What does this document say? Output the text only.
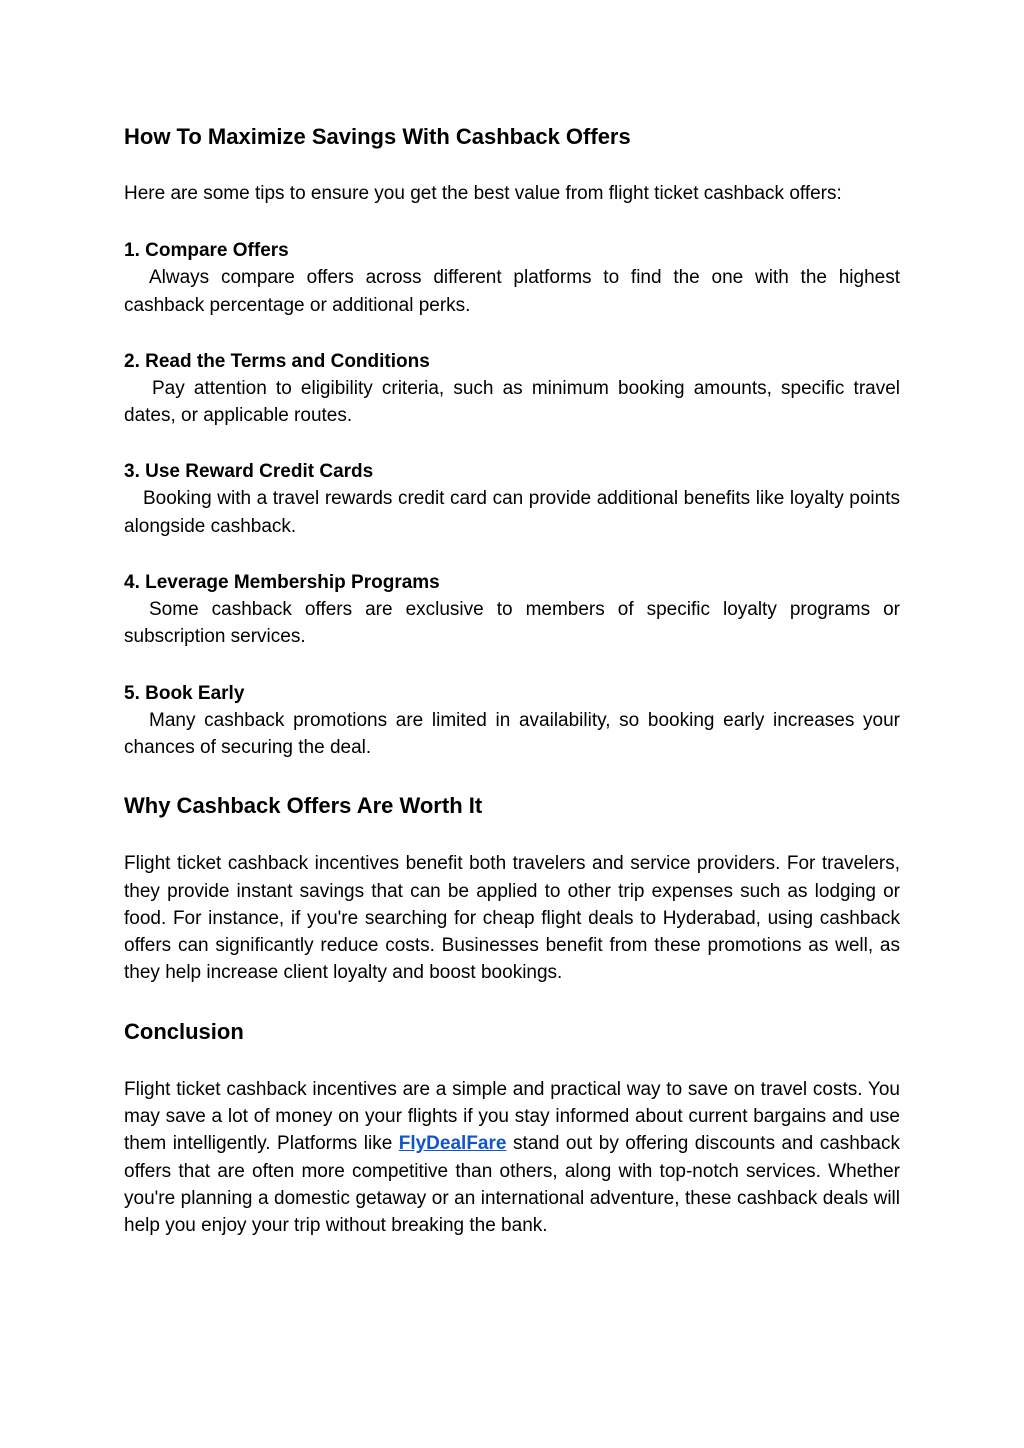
How To Maximize Savings With Cashback Offers

Here are some tips to ensure you get the best value from flight ticket cashback offers:

1. Compare Offers
Always compare offers across different platforms to find the one with the highest cashback percentage or additional perks.
2. Read the Terms and Conditions
Pay attention to eligibility criteria, such as minimum booking amounts, specific travel dates, or applicable routes.
3. Use Reward Credit Cards
Booking with a travel rewards credit card can provide additional benefits like loyalty points alongside cashback.
4. Leverage Membership Programs
Some cashback offers are exclusive to members of specific loyalty programs or subscription services.
5. Book Early
Many cashback promotions are limited in availability, so booking early increases your chances of securing the deal.
Why Cashback Offers Are Worth It

Flight ticket cashback incentives benefit both travelers and service providers. For travelers, they provide instant savings that can be applied to other trip expenses such as lodging or food. For instance, if you're searching for cheap flight deals to Hyderabad, using cashback offers can significantly reduce costs. Businesses benefit from these promotions as well, as they help increase client loyalty and boost bookings.

Conclusion

Flight ticket cashback incentives are a simple and practical way to save on travel costs. You may save a lot of money on your flights if you stay informed about current bargains and use them intelligently. Platforms like FlyDealFare stand out by offering discounts and cashback offers that are often more competitive than others, along with top-notch services. Whether you're planning a domestic getaway or an international adventure, these cashback deals will help you enjoy your trip without breaking the bank.
